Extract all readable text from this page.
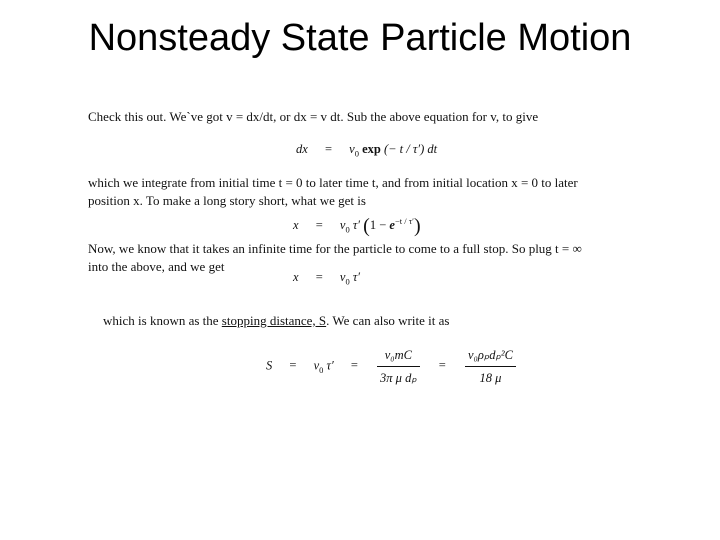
Nonsteady State Particle Motion
Check this out. We`ve got v = dx/dt, or dx = v dt. Sub the above equation for v, to give
dx = $v_0$ exp (− t / τ′) dt
which we integrate from initial time t = 0 to later time t, and from initial location x = 0 to later
position x. To make a long story short, what we get is
$x = v_0$ τ′ $(1 - e^{-t / \tau'})$
Now, we know that it takes an infinite time for the particle to come to a full stop. So plug t = ∞
into the above, and we get
$x = v_0$ τ′
which is known as the stopping distance, S. We can also write it as
$S = v_0$ $\tau' = \frac{\text{v₀mC}}{\text{3π μ dₚ}} = \frac{\text{v₀ρₚdₚ²C}}{18 \mu}$
